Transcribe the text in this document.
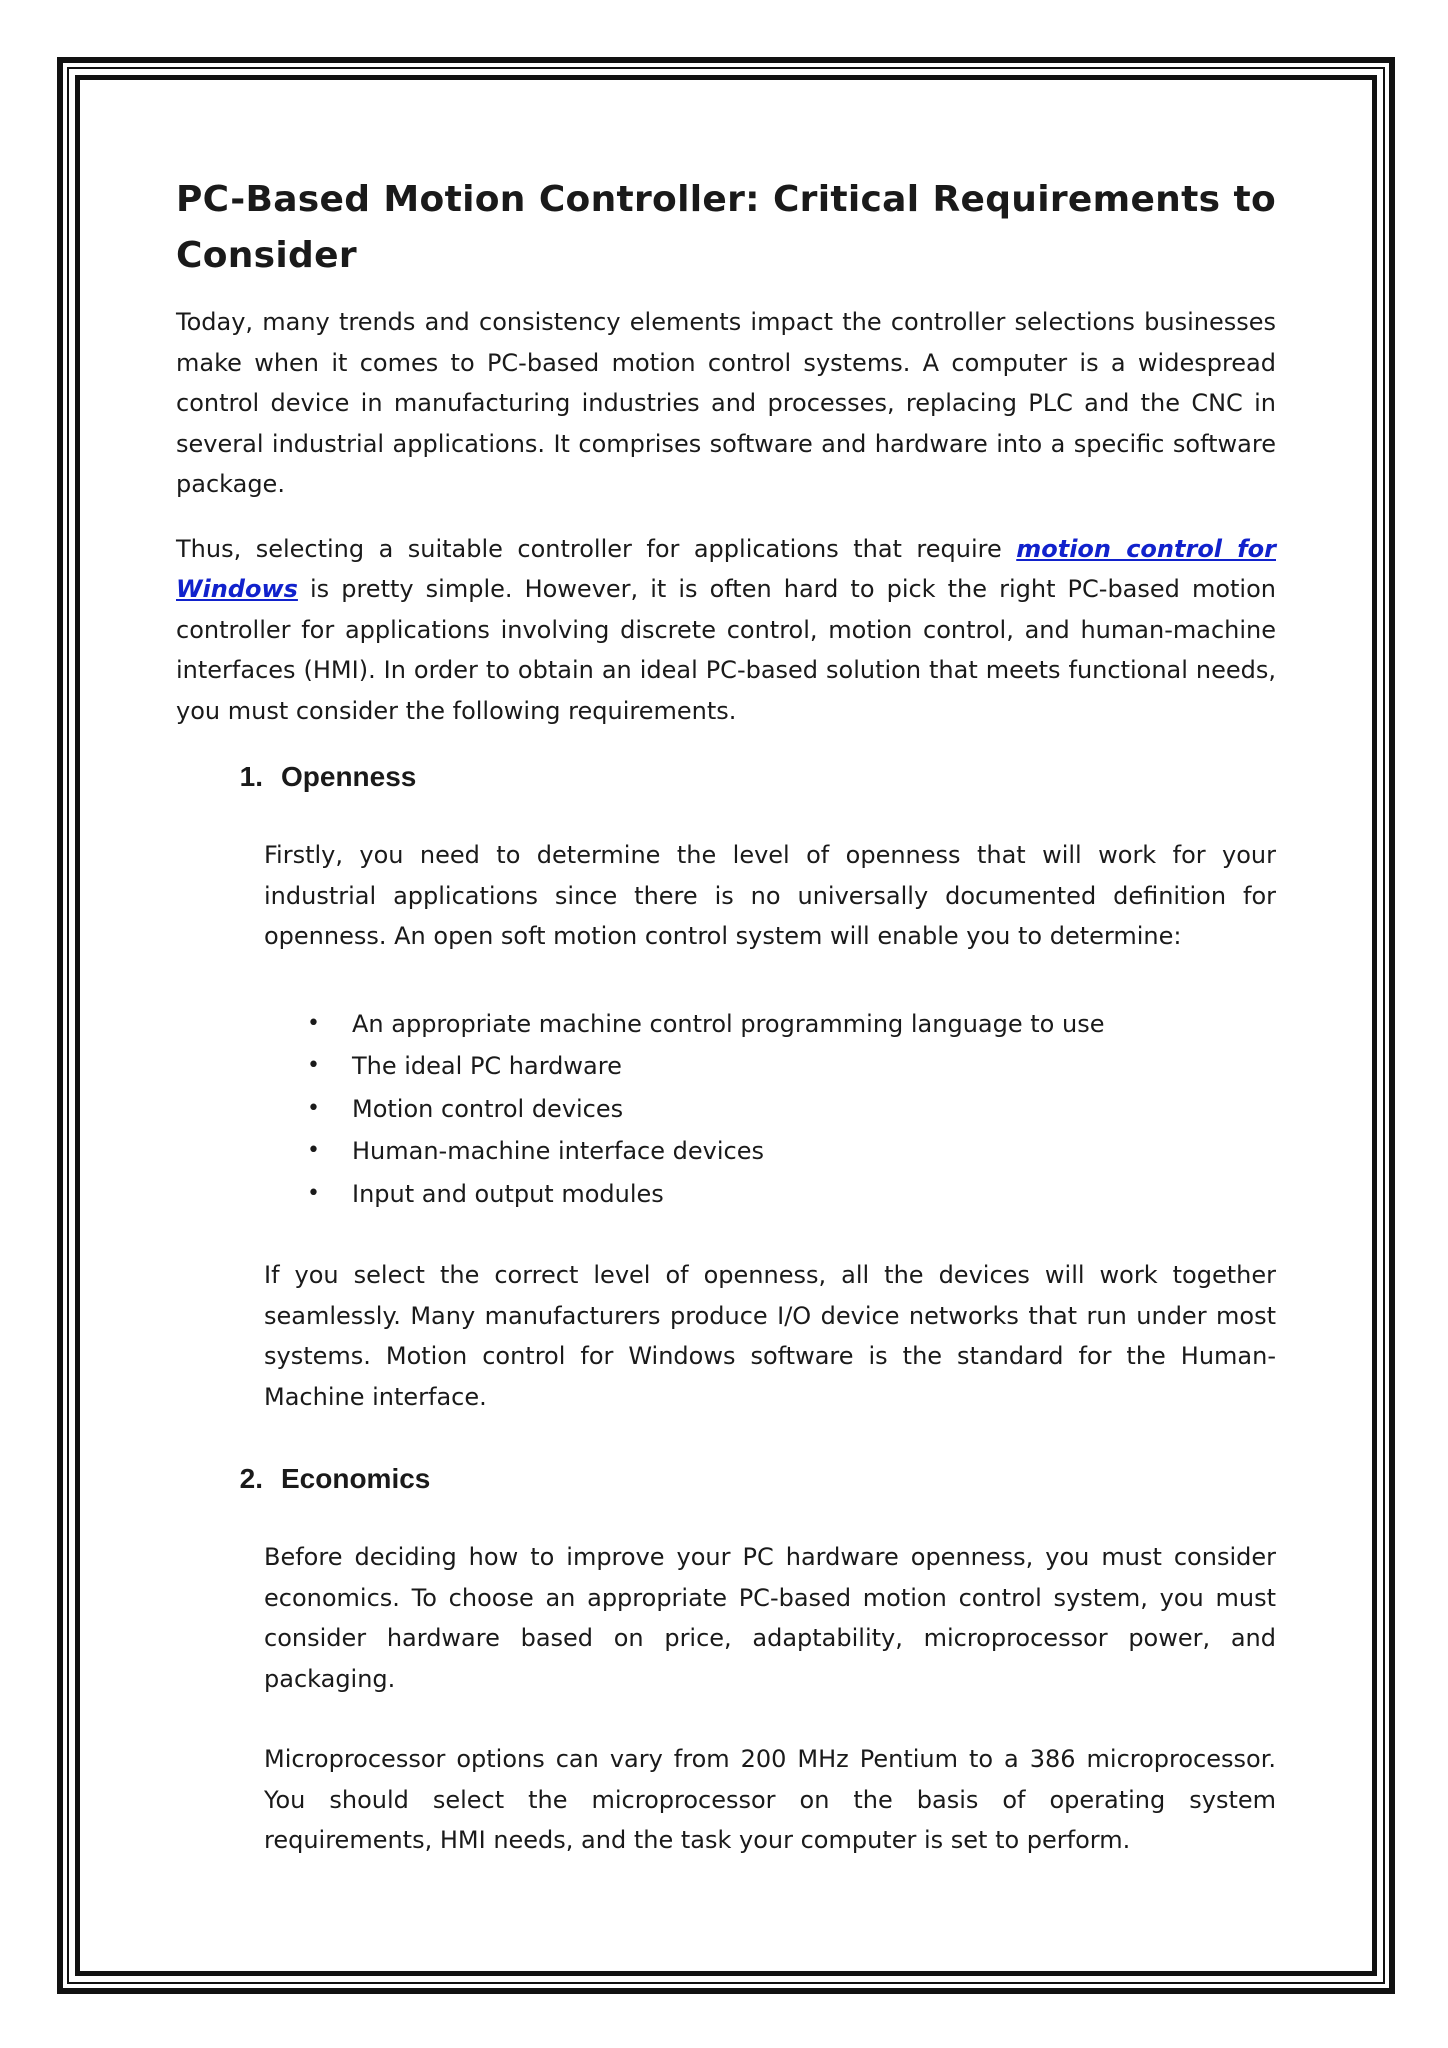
PC-Based Motion Controller: Critical Requirements to Consider

Today, many trends and consistency elements impact the controller selections businesses make when it comes to PC-based motion control systems. A computer is a widespread control device in manufacturing industries and processes, replacing PLC and the CNC in several industrial applications. It comprises software and hardware into a specific software package.

Thus, selecting a suitable controller for applications that require motion control for Windows is pretty simple. However, it is often hard to pick the right PC-based motion controller for applications involving discrete control, motion control, and human-machine interfaces (HMI). In order to obtain an ideal PC-based solution that meets functional needs, you must consider the following requirements.

1. Openness

Firstly, you need to determine the level of openness that will work for your industrial applications since there is no universally documented definition for openness. An open soft motion control system will enable you to determine:

• An appropriate machine control programming language to use
• The ideal PC hardware
• Motion control devices
• Human-machine interface devices
• Input and output modules

If you select the correct level of openness, all the devices will work together seamlessly. Many manufacturers produce I/O device networks that run under most systems. Motion control for Windows software is the standard for the Human-Machine interface.

2. Economics

Before deciding how to improve your PC hardware openness, you must consider economics. To choose an appropriate PC-based motion control system, you must consider hardware based on price, adaptability, microprocessor power, and packaging.

Microprocessor options can vary from 200 MHz Pentium to a 386 microprocessor. You should select the microprocessor on the basis of operating system requirements, HMI needs, and the task your computer is set to perform.
